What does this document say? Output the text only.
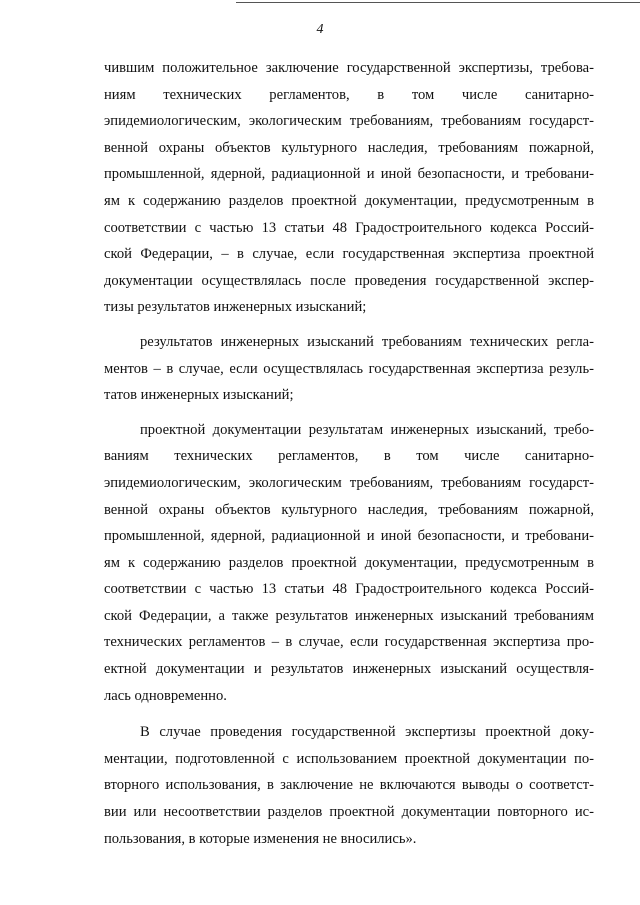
4
чившим положительное заключение государственной экспертизы, требова-
ниям технических регламентов, в том числе санитарно-
эпидемиологическим, экологическим требованиям, требованиям государст-
венной охраны объектов культурного наследия, требованиям пожарной,
промышленной, ядерной, радиационной и иной безопасности, и требовани-
ям к содержанию разделов проектной документации, предусмотренным в
соответствии с частью 13 статьи 48 Градостроительного кодекса Россий-
ской Федерации, – в случае, если государственная экспертиза проектной
документации осуществлялась после проведения государственной экспер-
тизы результатов инженерных изысканий;
результатов инженерных изысканий требованиям технических регла-
ментов – в случае, если осуществлялась государственная экспертиза резуль-
татов инженерных изысканий;
проектной документации результатам инженерных изысканий, требо-
ваниям технических регламентов, в том числе санитарно-
эпидемиологическим, экологическим требованиям, требованиям государст-
венной охраны объектов культурного наследия, требованиям пожарной,
промышленной, ядерной, радиационной и иной безопасности, и требовани-
ям к содержанию разделов проектной документации, предусмотренным в
соответствии с частью 13 статьи 48 Градостроительного кодекса Россий-
ской Федерации, а также результатов инженерных изысканий требованиям
технических регламентов – в случае, если государственная экспертиза про-
ектной документации и результатов инженерных изысканий осуществля-
лась одновременно.
В случае проведения государственной экспертизы проектной доку-
ментации, подготовленной с использованием проектной документации по-
вторного использования, в заключение не включаются выводы о соответст-
вии или несоответствии разделов проектной документации повторного ис-
пользования, в которые изменения не вносились».
